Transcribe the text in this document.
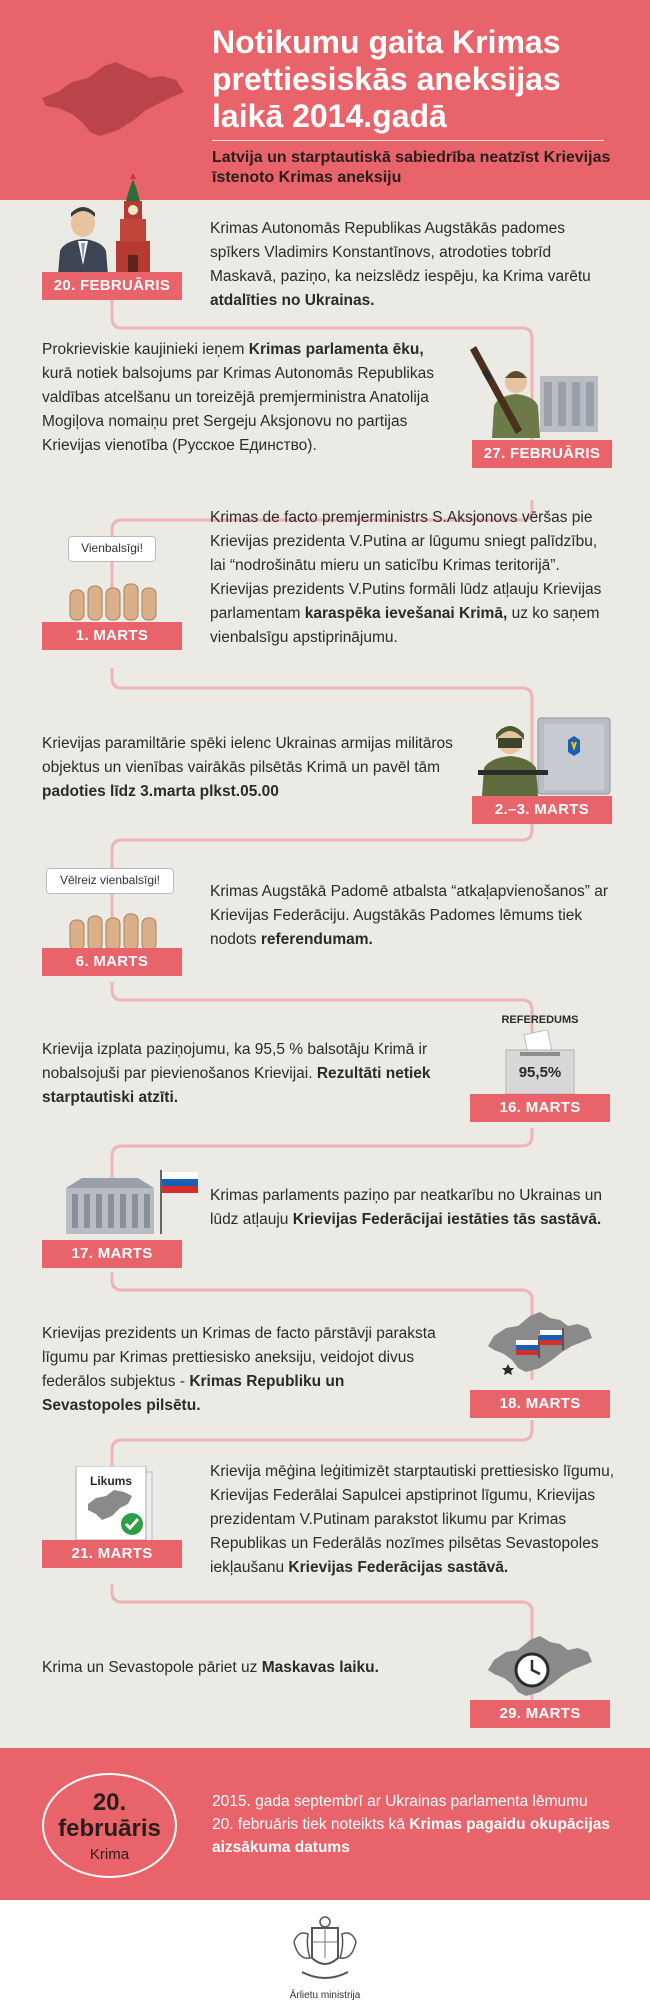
Notikumu gaita Krimas prettiesiskās aneksijas laikā 2014.gadā
Latvija un starptautiskā sabiedrība neatzīst Krievijas īstenoto Krimas aneksiju
20. FEBRUĀRIS
Krimas Autonomās Republikas Augstākās padomes spīkers Vladimirs Konstantīnovs, atrodoties tobrīd Maskavā, paziņo, ka neizslēdz iespēju, ka Krima varētu atdalīties no Ukrainas.
Prokrieviskie kaujinieki ieņem Krimas parlamenta ēku, kurā notiek balsojums par Krimas Autonomās Republikas valdības atcelšanu un toreizējā premjerministra Anatolija Mogiļova nomaiņu pret Sergeju Aksjonovu no partijas Krievijas vienotība (Русское Единство).	27. FEBRUĀRIS
Vienbalsīgi!
1. MARTS
Krimas de facto premjerministrs S.Aksjonovs vēršas pie Krievijas prezidenta V.Putina ar lūgumu sniegt palīdzību, lai “nodrošinātu mieru un saticību Krimas teritorijā”. Krievijas prezidents V.Putins formāli lūdz atļauju Krievijas parlamentam karaspēka ievešanai Krimā, uz ko saņem vienbalsīgu apstiprinājumu.
Krievijas paramiltārie spēki ielenc Ukrainas armijas militāros objektus un vienības vairākās pilsētās Krimā un pavēl tām padoties līdz 3.marta plkst.05.00
2.–3. MARTS
Vēlreiz vienbalsīgi!
6. MARTS
Krimas Augstākā Padomē atbalsta “atkaļapvienošanos” ar Krievijas Federāciju. Augstākās Padomes lēmums tiek nodots referendumam.
Krievija izplata paziņojumu, ka 95,5 % balsotāju Krimā ir nobalsojuši par pievienošanos Krievijai. Rezultāti netiek starptautiski atzīti.
REFEREDUMS
95,5%
16. MARTS
17. MARTS
Krimas parlaments paziņo par neatkarību no Ukrainas un lūdz atļauju Krievijas Federācijai iestāties tās sastāvā.
Krievijas prezidents un Krimas de facto pārstāvji paraksta līgumu par Krimas prettiesisko aneksiju, veidojot divus federālos subjektus - Krimas Republiku un Sevastopoles pilsētu.	18. MARTS
Likums
21. MARTS
Krievija mēģina leģitimizēt starptautiski prettiesisko līgumu, Krievijas Federālai Sapulcei apstiprinot līgumu, Krievijas prezidentam V.Putinam parakstot likumu par Krimas Republikas un Federālās nozīmes pilsētas Sevastopoles iekļaušanu Krievijas Federācijas sastāvā.
Krima un Sevastopole pāriet uz Maskavas laiku.
29. MARTS
20. februāris
Krima
2015. gada septembrī ar Ukrainas parlamenta lēmumu 20. februāris tiek noteikts kā Krimas pagaidu okupācijas aizsākuma datums
Ārlietu ministrija
